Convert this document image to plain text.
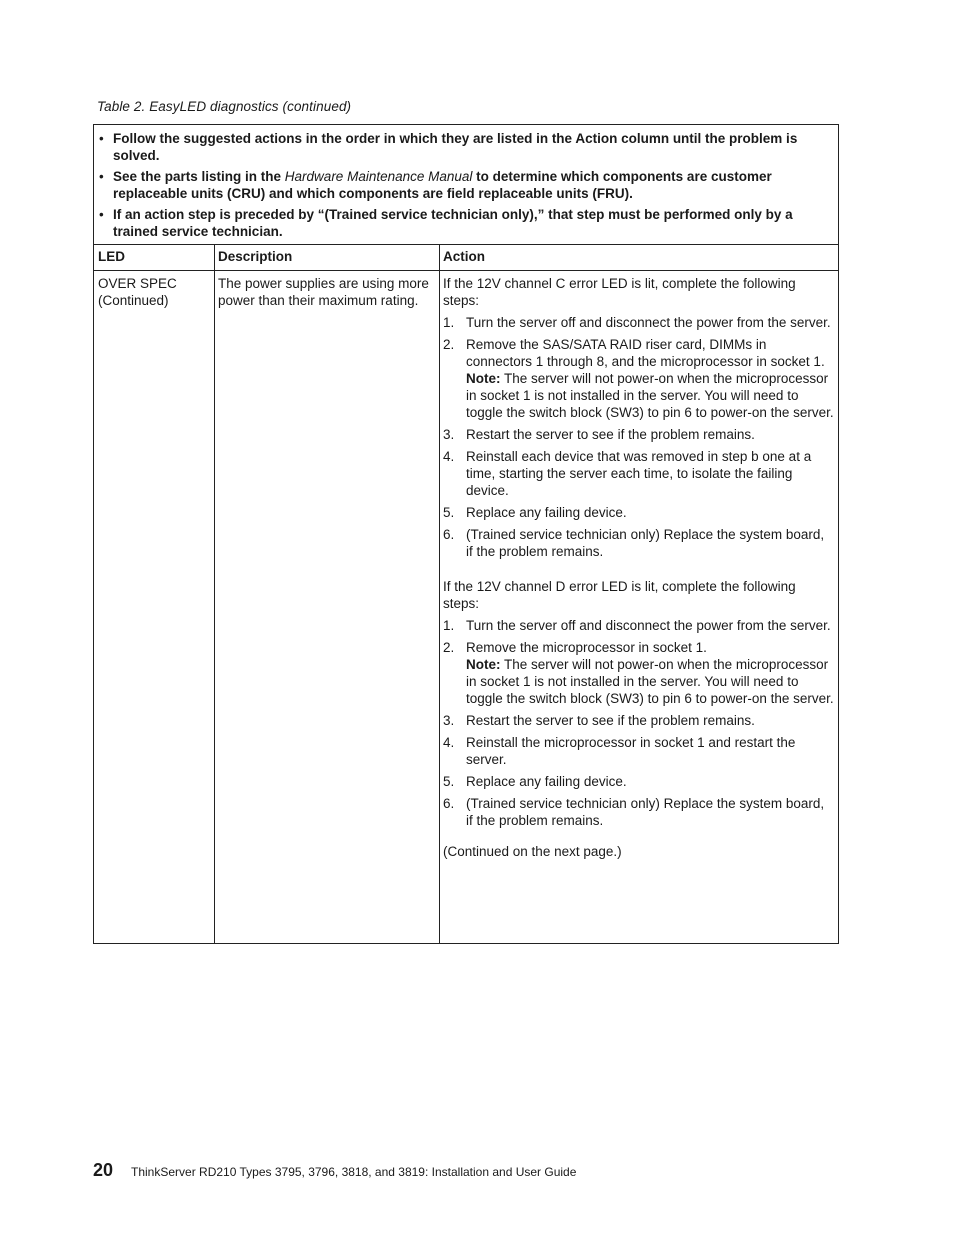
Table 2. EasyLED diagnostics (continued)
• Follow the suggested actions in the order in which they are listed in the Action column until the problem is solved.
• See the parts listing in the Hardware Maintenance Manual to determine which components are customer replaceable units (CRU) and which components are field replaceable units (FRU).
• If an action step is preceded by “(Trained service technician only),” that step must be performed only by a trained service technician.
LED	Description	Action
OVER SPEC (Continued)
The power supplies are using more power than their maximum rating.
If the 12V channel C error LED is lit, complete the following steps:
1. Turn the server off and disconnect the power from the server.
2. Remove the SAS/SATA RAID riser card, DIMMs in connectors 1 through 8, and the microprocessor in socket 1.
Note: The server will not power-on when the microprocessor in socket 1 is not installed in the server. You will need to toggle the switch block (SW3) to pin 6 to power-on the server.
3. Restart the server to see if the problem remains.
4. Reinstall each device that was removed in step b one at a time, starting the server each time, to isolate the failing device.
5. Replace any failing device.
6. (Trained service technician only) Replace the system board, if the problem remains.
If the 12V channel D error LED is lit, complete the following steps:
1. Turn the server off and disconnect the power from the server.
2. Remove the microprocessor in socket 1.
Note: The server will not power-on when the microprocessor in socket 1 is not installed in the server. You will need to toggle the switch block (SW3) to pin 6 to power-on the server.
3. Restart the server to see if the problem remains.
4. Reinstall the microprocessor in socket 1 and restart the server.
5. Replace any failing device.
6. (Trained service technician only) Replace the system board, if the problem remains.
(Continued on the next page.)
20 ThinkServer RD210 Types 3795, 3796, 3818, and 3819: Installation and User Guide
